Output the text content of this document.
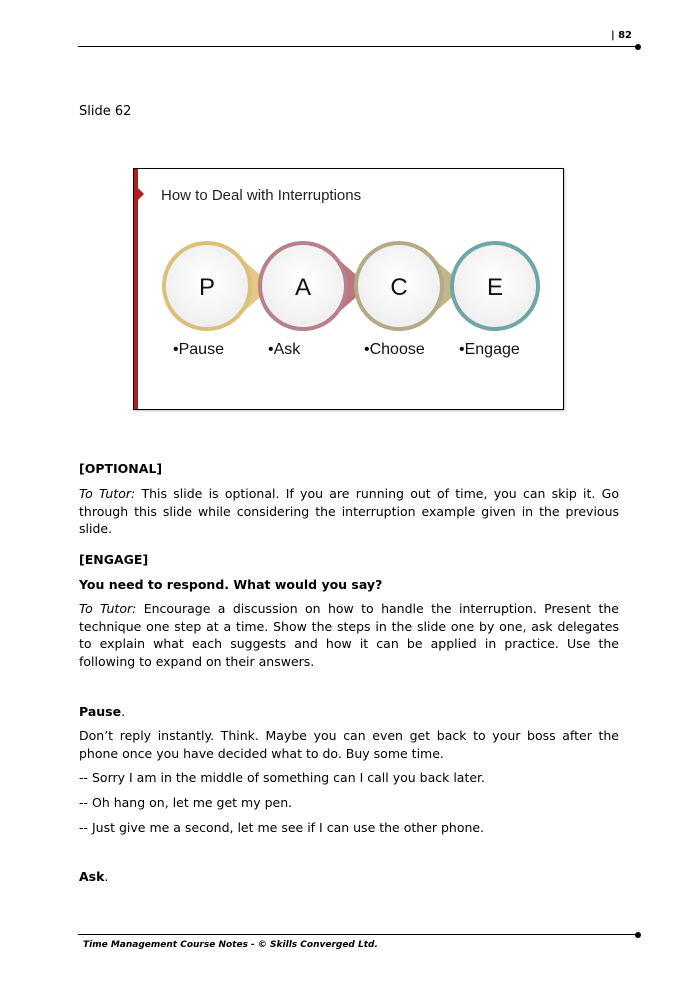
| 82
Slide 62
How to Deal with Interruptions
P	A	C	E
•Pause	•Ask	•Choose •Engage
[OPTIONAL]
To Tutor: This slide is optional. If you are running out of time, you can skip it. Go through this slide while considering the interruption example given in the previous slide.
[ENGAGE]
You need to respond. What would you say?
To Tutor: Encourage a discussion on how to handle the interruption. Present the technique one step at a time. Show the steps in the slide one by one, ask delegates to explain what each suggests and how it can be applied in practice. Use the following to expand on their answers.
Pause.
Don’t reply instantly. Think. Maybe you can even get back to your boss after the phone once you have decided what to do. Buy some time.
-- Sorry I am in the middle of something can I call you back later.
-- Oh hang on, let me get my pen.
-- Just give me a second, let me see if I can use the other phone.
Ask.
Time Management Course Notes - © Skills Converged Ltd.
